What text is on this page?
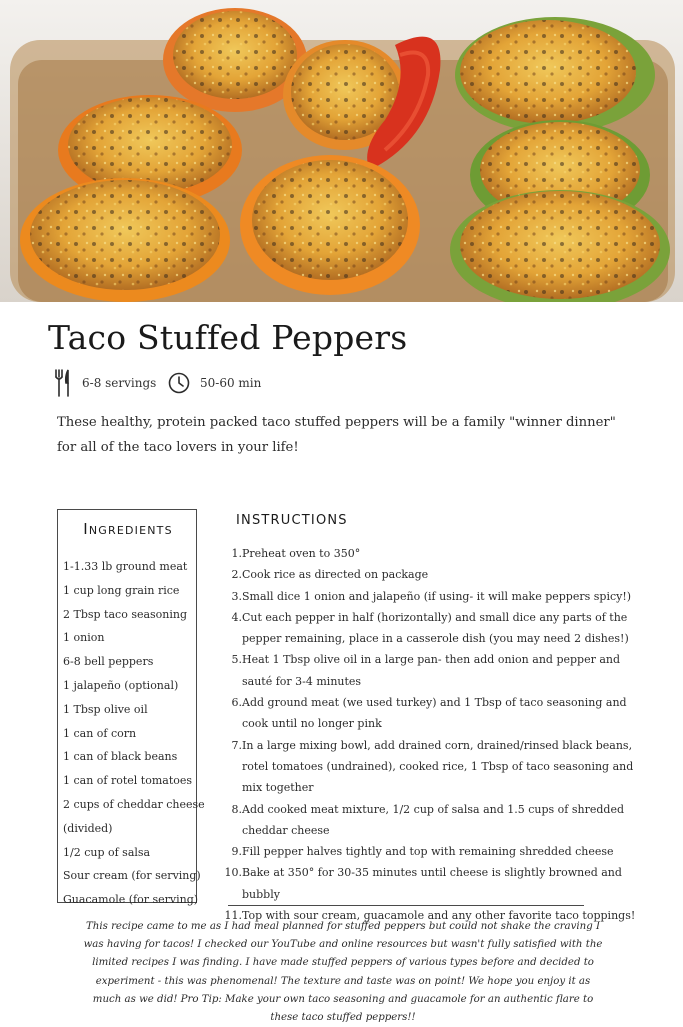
Taco Stuffed Peppers
6-8 servings	50-60 min

These healthy, protein packed taco stuffed peppers will be a family "winner dinner" for all of the taco lovers in your life!

Ingredients
1-1.33 lb ground meat
1 cup long grain rice
2 Tbsp taco seasoning
1 onion
6-8 bell peppers
1 jalapeño (optional)
1 Tbsp olive oil
1 can of corn
1 can of black beans
1 can of rotel tomatoes
2 cups of cheddar cheese
(divided)
1/2 cup of salsa
Sour cream (for serving)
Guacamole (for serving)
INSTRUCTIONS
1. Preheat oven to 350°
2. Cook rice as directed on package
3. Small dice 1 onion and jalapeño (if using- it will make peppers spicy!)
4. Cut each pepper in half (horizontally) and small dice any parts of the pepper remaining, place in a casserole dish (you may need 2 dishes!)
5. Heat 1 Tbsp olive oil in a large pan- then add onion and pepper and sauté for 3-4 minutes
6. Add ground meat (we used turkey) and 1 Tbsp of taco seasoning and cook until no longer pink
7. In a large mixing bowl, add drained corn, drained/rinsed black beans, rotel tomatoes (undrained), cooked rice, 1 Tbsp of taco seasoning and mix together
8. Add cooked meat mixture, 1/2 cup of salsa and 1.5 cups of shredded cheddar cheese
9. Fill pepper halves tightly and top with remaining shredded cheese
10. Bake at 350° for 30-35 minutes until cheese is slightly browned and bubbly
11. Top with sour cream, guacamole and any other favorite taco toppings!

This recipe came to me as I had meal planned for stuffed peppers but could not shake the craving I was having for tacos! I checked our YouTube and online resources but wasn't fully satisfied with the limited recipes I was finding. I have made stuffed peppers of various types before and decided to experiment - this was phenomenal! The texture and taste was on point! We hope you enjoy it as much as we did! Pro Tip: Make your own taco seasoning and guacamole for an authentic flare to these taco stuffed peppers!!
